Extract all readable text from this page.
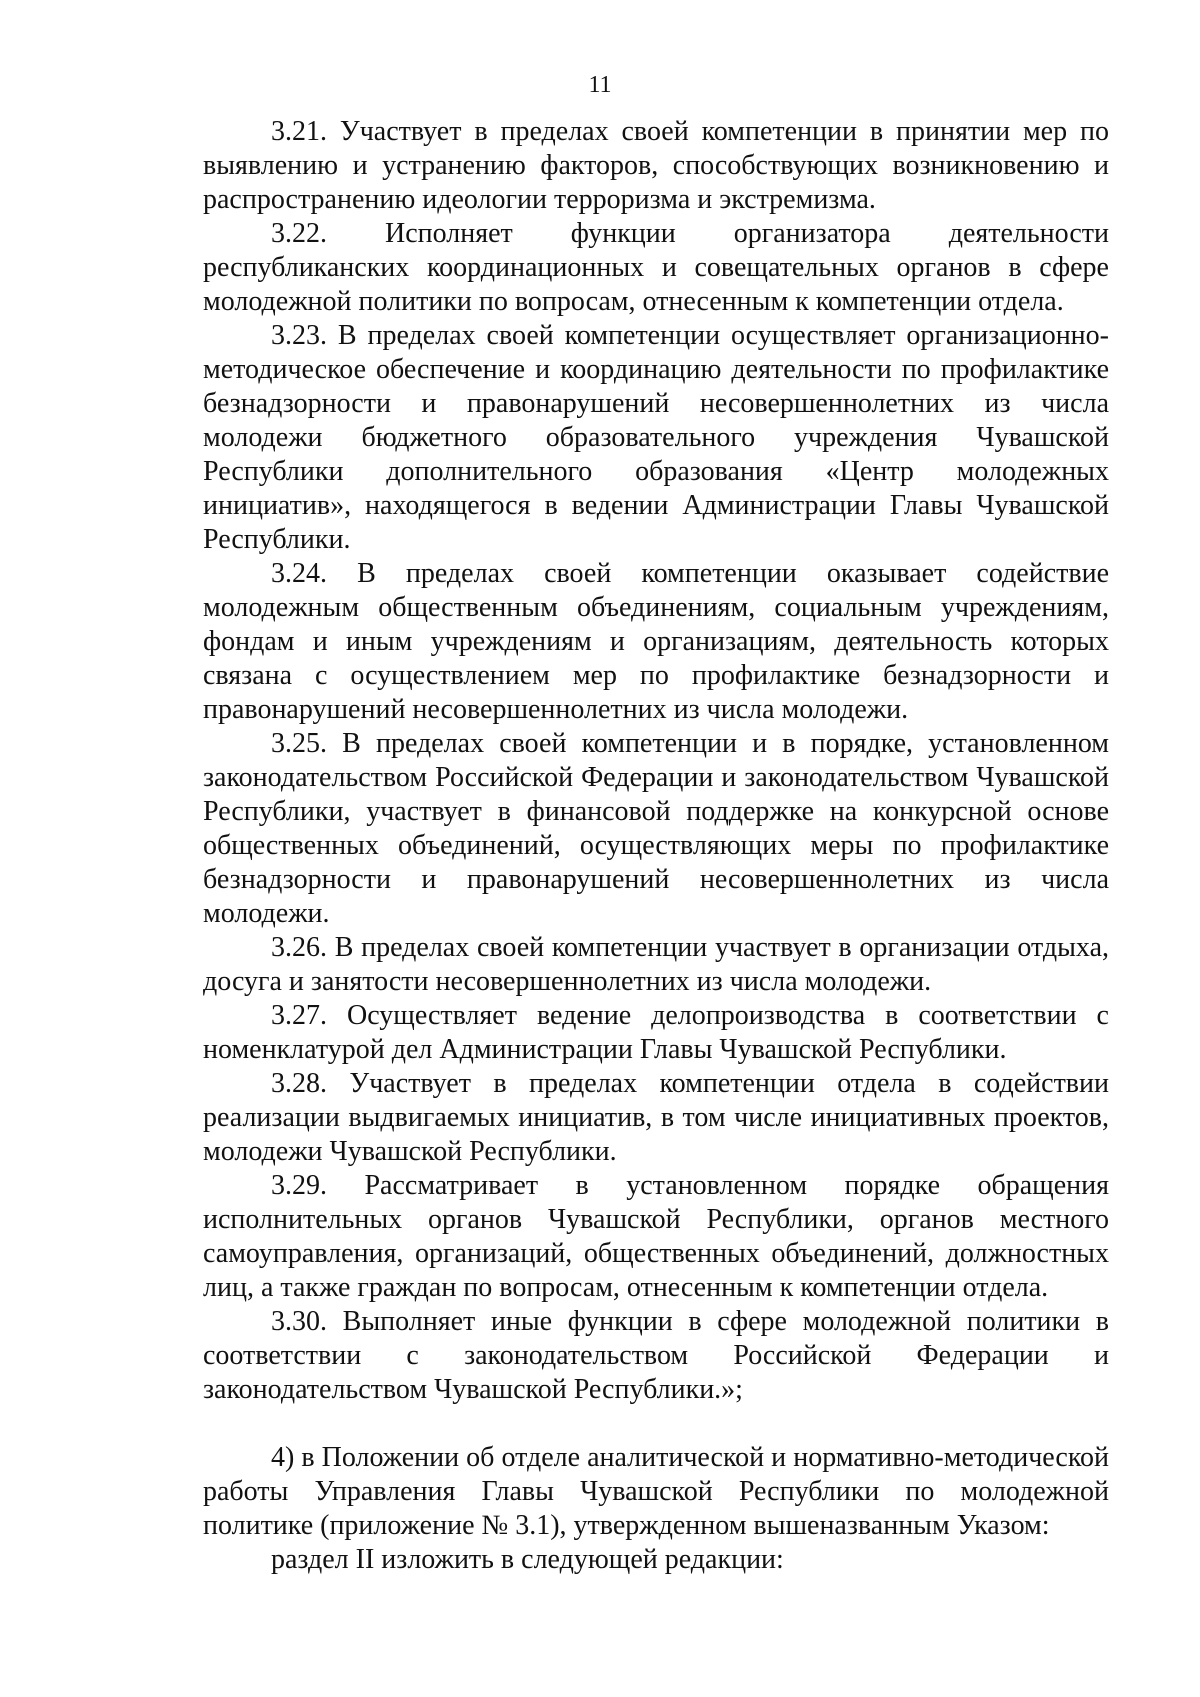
11

3.21. Участвует в пределах своей компетенции в принятии мер по выявлению и устранению факторов, способствующих возникновению и распространению идеологии терроризма и экстремизма.

3.22. Исполняет функции организатора деятельности республиканских координационных и совещательных органов в сфере молодежной политики по вопросам, отнесенным к компетенции отдела.

3.23. В пределах своей компетенции осуществляет организационно-методическое обеспечение и координацию деятельности по профилактике безнадзорности и правонарушений несовершеннолетних из числа молодежи бюджетного образовательного учреждения Чувашской Республики дополнительного образования «Центр молодежных инициатив», находящегося в ведении Администрации Главы Чувашской Республики.

3.24. В пределах своей компетенции оказывает содействие молодежным общественным объединениям, социальным учреждениям, фондам и иным учреждениям и организациям, деятельность которых связана с осуществлением мер по профилактике безнадзорности и правонарушений несовершеннолетних из числа молодежи.

3.25. В пределах своей компетенции и в порядке, установленном законодательством Российской Федерации и законодательством Чувашской Республики, участвует в финансовой поддержке на конкурсной основе общественных объединений, осуществляющих меры по профилактике безнадзорности и правонарушений несовершеннолетних из числа молодежи.

3.26. В пределах своей компетенции участвует в организации отдыха, досуга и занятости несовершеннолетних из числа молодежи.

3.27. Осуществляет ведение делопроизводства в соответствии с номенклатурой дел Администрации Главы Чувашской Республики.

3.28. Участвует в пределах компетенции отдела в содействии реализации выдвигаемых инициатив, в том числе инициативных проектов, молодежи Чувашской Республики.

3.29. Рассматривает в установленном порядке обращения исполнительных органов Чувашской Республики, органов местного самоуправления, организаций, общественных объединений, должностных лиц, а также граждан по вопросам, отнесенным к компетенции отдела.

3.30. Выполняет иные функции в сфере молодежной политики в соответствии с законодательством Российской Федерации и законодательством Чувашской Республики.»;

4) в Положении об отделе аналитической и нормативно-методической работы Управления Главы Чувашской Республики по молодежной политике (приложение № 3.1), утвержденном вышеназванным Указом:

раздел II изложить в следующей редакции:
